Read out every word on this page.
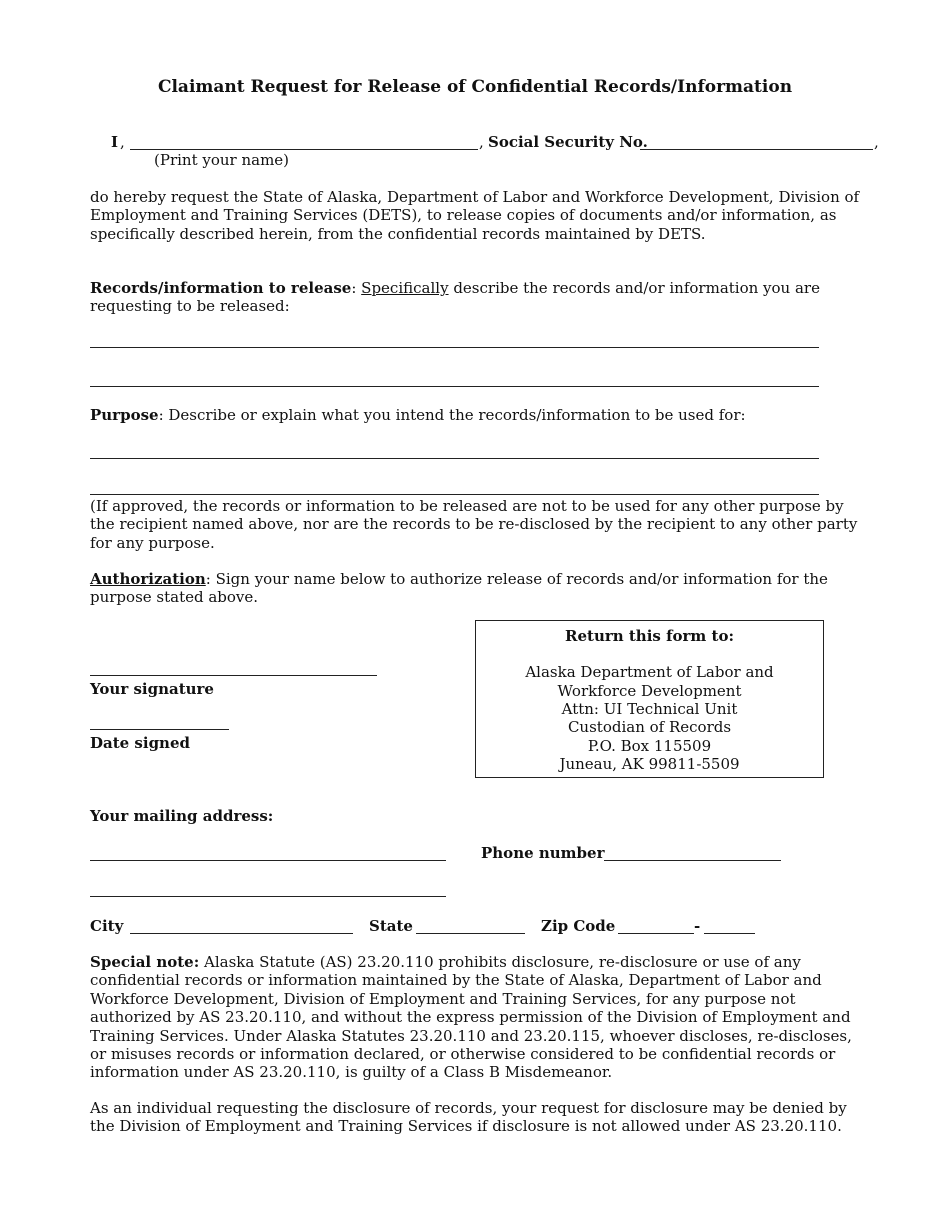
Claimant Request for Release of Confidential Records/Information
I ,	, Social Security No.	,
(Print your name)
do hereby request the State of Alaska, Department of Labor and Workforce Development, Division of Employment and Training Services (DETS), to release copies of documents and/or information, as specifically described herein, from the confidential records maintained by DETS.
Records/information to release: Specifically describe the records and/or information you are requesting to be released:
Purpose: Describe or explain what you intend the records/information to be used for:
(If approved, the records or information to be released are not to be used for any other purpose by the recipient named above, nor are the records to be re-disclosed by the recipient to any other party for any purpose.
Authorization: Sign your name below to authorize release of records and/or information for the purpose stated above.
Your signature
Date signed
Return this form to:
Alaska Department of Labor and
Workforce Development
Attn: UI Technical Unit
Custodian of Records
P.O. Box 115509
Juneau, AK 99811-5509
Your mailing address:
Phone number
City	State	Zip Code	-
Special note: Alaska Statute (AS) 23.20.110 prohibits disclosure, re-disclosure or use of any confidential records or information maintained by the State of Alaska, Department of Labor and Workforce Development, Division of Employment and Training Services, for any purpose not authorized by AS 23.20.110, and without the express permission of the Division of Employment and Training Services. Under Alaska Statutes 23.20.110 and 23.20.115, whoever discloses, re-discloses, or misuses records or information declared, or otherwise considered to be confidential records or information under AS 23.20.110, is guilty of a Class B Misdemeanor.
As an individual requesting the disclosure of records, your request for disclosure may be denied by the Division of Employment and Training Services if disclosure is not allowed under AS 23.20.110.
